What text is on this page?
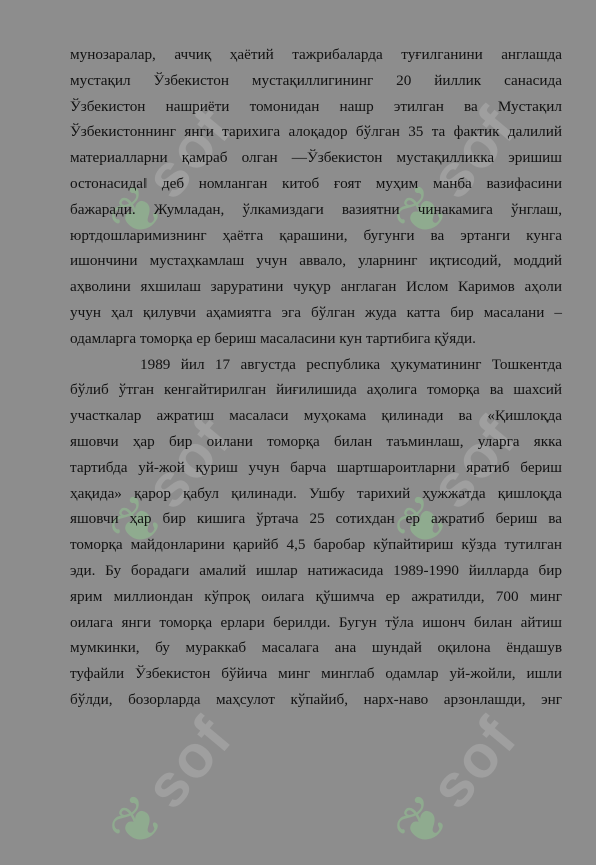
❦sof
❦sof
❦sof
❦sof
❦sof
❦sof
мунозаралар, аччиқ ҳаётий тажрибаларда туғилганини англашда
мустақил Ўзбекистон мустақиллигининг 20 йиллик санасида
Ўзбекистон нашриёти томонидан нашр этилган ва Мустақил
Ўзбекистоннинг янги тарихига алоқадор бўлган 35 та фактик далилий
материалларни қамраб олган ―Ўзбекистон мустақилликка эришиш
остонасида‖ деб номланган китоб ғоят муҳим манба вазифасини
бажаради. Жумладан, ўлкамиздаги вазиятни чинакамига ўнглаш,
юртдошларимизнинг ҳаётга қарашини, бугунги ва эртанги кунга
ишончини мустаҳкамлаш учун аввало, уларнинг иқтисодий, моддий
аҳволини яхшилаш заруратини чуқур англаган Ислом Каримов аҳоли
учун ҳал қилувчи аҳамиятга эга бўлган жуда катта бир масалани –
одамларга томорқа ер бериш масаласини кун тартибига қўяди.
1989 йил 17 августда республика ҳукуматининг Тошкентда
бўлиб ўтган кенгайтирилган йиғилишида аҳолига томорқа ва шахсий
участкалар ажратиш масаласи муҳокама қилинади ва «Қишлоқда
яшовчи ҳар бир оилани томорқа билан таъминлаш, уларга якка
тартибда уй-жой қуриш учун барча шартшароитларни яратиб бериш
ҳақида» қарор қабул қилинади. Ушбу тарихий ҳужжатда қишлоқда
яшовчи ҳар бир кишига ўртача 25 сотихдан ер ажратиб бериш ва
томорқа майдонларини қарийб 4,5 баробар кўпайтириш кўзда тутилган
эди. Бу борадаги амалий ишлар натижасида 1989-1990 йилларда бир
ярим миллиондан кўпроқ оилага қўшимча ер ажратилди, 700 минг
оилага янги томорқа ерлари берилди. Бугун тўла ишонч билан айтиш
мумкинки, бу мураккаб масалага ана шундай оқилона ёндашув
туфайли Ўзбекистон бўйича минг минглаб одамлар уй-жойли, ишли
бўлди, бозорларда маҳсулот кўпайиб, нарх-наво арзонлашди, энг
